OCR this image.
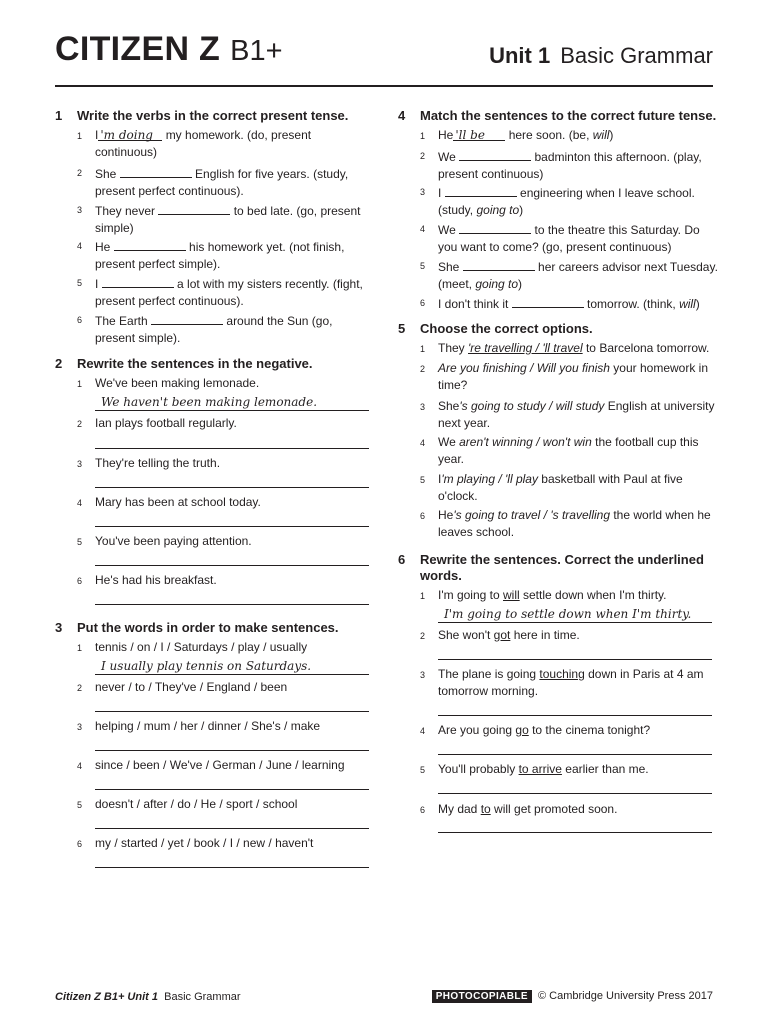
CITIZEN Z B1+	Unit 1 Basic Grammar
1 Write the verbs in the correct present tense.
1 I 'm doing my homework. (do, present continuous)
2 She	English for five years. (study, present perfect continuous).
3 They never	to bed late. (go, present simple)
4 He	his homework yet. (not finish, present perfect simple).
5 I	a lot with my sisters recently. (fight, present perfect continuous).
6 The Earth	around the Sun (go, present simple).
2 Rewrite the sentences in the negative.
1 We've been making lemonade.
We haven't been making lemonade.
2 Ian plays football regularly.
3 They're telling the truth.
4 Mary has been at school today.
5 You've been paying attention.
6 He's had his breakfast.
3 Put the words in order to make sentences.
1 tennis / on / I / Saturdays / play / usually
I usually play tennis on Saturdays.
2 never / to / They've / England / been
3 helping / mum / her / dinner / She's / make
4 since / been / We've / German / June / learning
5 doesn't / after / do / He / sport / school
6 my / started / yet / book / I / new / haven't
4 Match the sentences to the correct future tense.
1 He 'll be here soon. (be, will)
2 We	badminton this afternoon. (play, present continuous)
3 I	engineering when I leave school. (study, going to)
4 We	to the theatre this Saturday. Do you want to come? (go, present continuous)
5 She	her careers advisor next Tuesday. (meet, going to)
6 I don't think it	tomorrow. (think, will)
5 Choose the correct options.
1 They 're travelling / 'll travel to Barcelona tomorrow.
2 Are you finishing / Will you finish your homework in time?
3 She's going to study / will study English at university next year.
4 We aren't winning / won't win the football cup this year.
5 I'm playing / 'll play basketball with Paul at five o'clock.
6 He's going to travel / 's travelling the world when he leaves school.
6 Rewrite the sentences. Correct the underlined words.
1 I'm going to will settle down when I'm thirty.
I'm going to settle down when I'm thirty.
2 She won't got here in time.
3 The plane is going touching down in Paris at 4 am tomorrow morning.
4 Are you going go to the cinema tonight?
5 You'll probably to arrive earlier than me.
6 My dad to will get promoted soon.
Citizen Z B1+ Unit 1 Basic Grammar	PHOTOCOPIABLE © Cambridge University Press 2017
